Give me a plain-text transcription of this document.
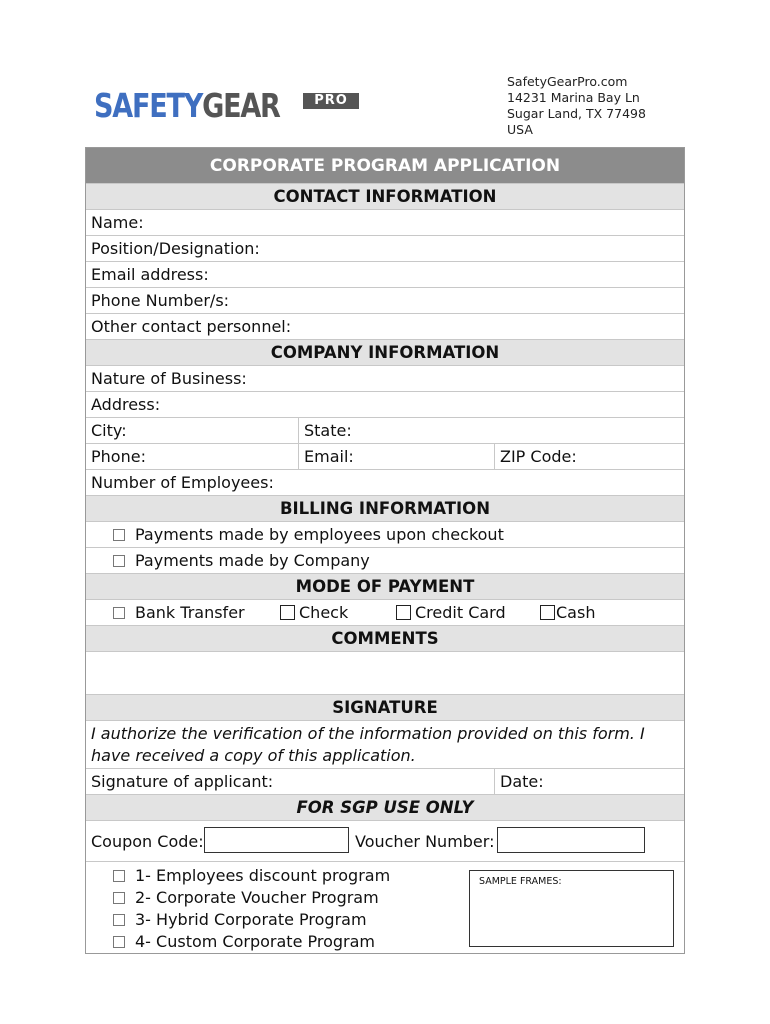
SAFETYGEAR	PRO
SafetyGearPro.com
14231 Marina Bay Ln
Sugar Land, TX 77498
USA
CORPORATE PROGRAM APPLICATION
CONTACT INFORMATION
Name:
Position/Designation:
Email address:
Phone Number/s:
Other contact personnel:
COMPANY INFORMATION
Nature of Business:
Address:
City:	State:
Phone:	Email:	ZIP Code:
Number of Employees:
BILLING INFORMATION
Payments made by employees upon checkout
Payments made by Company
MODE OF PAYMENT
Bank Transfer	Check	Credit Card	Cash
COMMENTS
SIGNATURE
I authorize the verification of the information provided on this form. I have received a copy of this application.
Signature of applicant:	Date:
FOR SGP USE ONLY
Coupon Code:	Voucher Number:
1- Employees discount program
2- Corporate Voucher Program
3- Hybrid Corporate Program
4- Custom Corporate Program
SAMPLE FRAMES:
